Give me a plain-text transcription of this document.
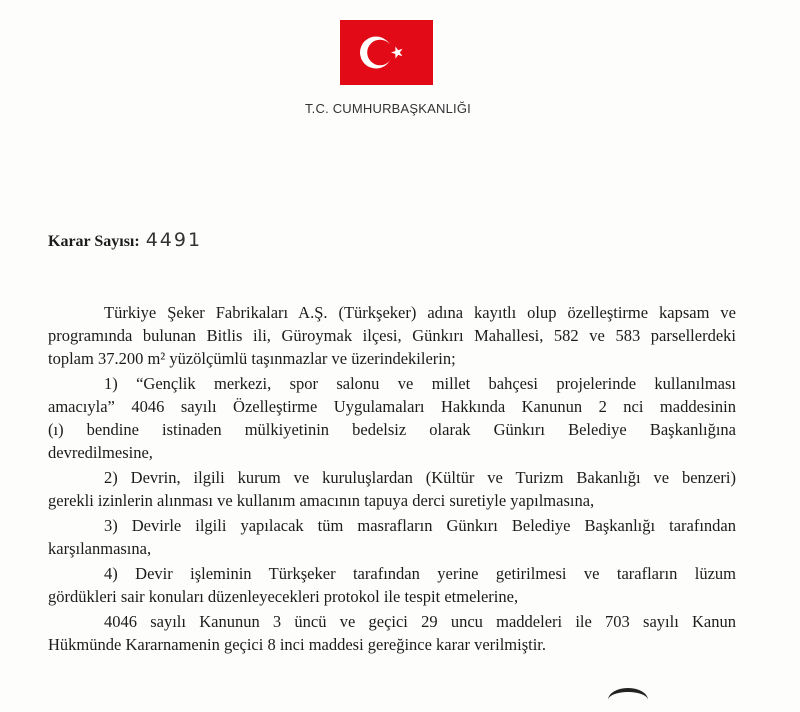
T.C. CUMHURBAŞKANLIĞI
Karar Sayısı: 4491
Türkiye Şeker Fabrikaları A.Ş. (Türkşeker) adına kayıtlı olup özelleştirme kapsam ve
programında bulunan Bitlis ili, Güroymak ilçesi, Günkırı Mahallesi, 582 ve 583 parsellerdeki
toplam 37.200 m² yüzölçümlü taşınmazlar ve üzerindekilerin;
1) “Gençlik merkezi, spor salonu ve millet bahçesi projelerinde kullanılması
amacıyla” 4046 sayılı Özelleştirme Uygulamaları Hakkında Kanunun 2 nci maddesinin
(ı) bendine istinaden mülkiyetinin bedelsiz olarak Günkırı Belediye Başkanlığına
devredilmesine,
2) Devrin, ilgili kurum ve kuruluşlardan (Kültür ve Turizm Bakanlığı ve benzeri)
gerekli izinlerin alınması ve kullanım amacının tapuya derci suretiyle yapılmasına,
3) Devirle ilgili yapılacak tüm masrafların Günkırı Belediye Başkanlığı tarafından
karşılanmasına,
4) Devir işleminin Türkşeker tarafından yerine getirilmesi ve tarafların lüzum
gördükleri sair konuları düzenleyecekleri protokol ile tespit etmelerine,
4046 sayılı Kanunun 3 üncü ve geçici 29 uncu maddeleri ile 703 sayılı Kanun
Hükmünde Kararnamenin geçici 8 inci maddesi gereğince karar verilmiştir.
